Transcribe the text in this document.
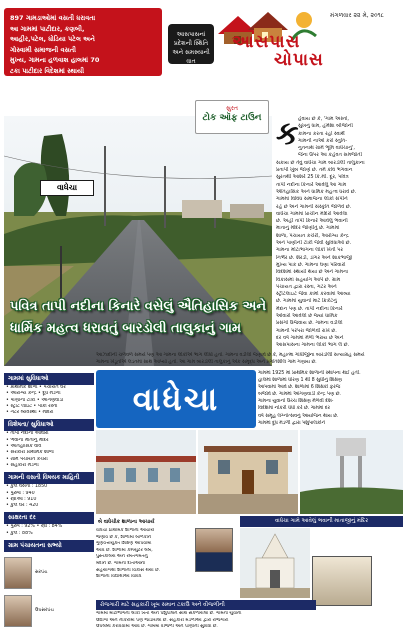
897 ગામડાઓમાં વસતી ધરાવતા
આ ગામમાં પાટીદાર, કણબી,
આહીર,પટેલ, ધોડિયા પટેલ અને
ગોસ્વામી સમાજની વસતી
મુખ્ય, ગામના હળવાશ હાલમાં 70
ટકા પાટીદાર વિદેશમાં સ્થાયી
આસપાસનાં
પ્રદેશની સ્થિતિ
અને સમસ્યાની
વાત
આસપાસ
ચોપાસ
મંગળવાર ૨૨ મે, ૨૦૧૮
સુરત
ટોક ઑફ ટાઉન
વાધેચા
ક હેવાય છે કે, 'ગામ અસ્તો,
સુખનું ધામ, હંમેશા બીજાની
કામના કરતા રહો સ્વાર્થ
ગામની નાઓ કરો સ્તુતિ-
નુતનાથ ગ્રામે ભૂમિ વાધેચાનું',
જેના ઉપર આ કહેવત સમજાતી
સકાય છે તેવું વાધેચા ગામ બારડોલી તાલુકાના
પ્રતાપી ખુંબ જાણે છે. તમે કવિ ભગવાન
સુરતથી આશરે 25 કિ.મી. દૂર, પવિત્ર
તાપી નદીના કિનારે આવેલું આ ગામ
ઐતિહાસિક અને ધાર્મિક મહત્વ ધરાવે છે.
ગામમાં વિવિધ સમાજના લોકો સંપીને
રહે છે અને ગામની સંસ્કૃતિ જાળવે છે.
વાધેચા ગામમાં પ્રાચીન મંદિરો આવેલા
છે. અહીં તાપી કિનારે આવેલું ભવાની
માતાનું મંદિર જાણીતું છે. ગામમાં
શાળા, પંચાયત કચેરી, આરોગ્ય કેન્દ્ર
અને પાણીની ટાંકી જેવી સુવિધાઓ છે.
ગામના મોટાભાગના લોકો ખેતી પર
નિર્ભર છે. શેરડી, ડાંગર અને શાકભાજી
મુખ્ય પાક છે. ગામના ઘણા પરિવારો
વિદેશમાં સ્થાયી થયા છે અને ગામના
વિકાસમાં સહયોગ આપે છે. ગ્રામ
પંચાયત દ્વારા રસ્તા, ગટર અને
સ્ટ્રીટલાઇટ જેવા કામો કરવામાં આવ્યા
છે. ગામમાં યુવાનો માટે ક્રિકેટનું
મેદાન પણ છે. તાપી નદીના કિનારે
ઓવારો આવેલો છે જ્યાં ધાર્મિક
પ્રસંગો ઉજવાય છે. ગામના વડીલો
ગામની પરંપરા જાળવી રાખે છે.
દર વર્ષે ગામમાં મેળો ભરાય છે અને
આસપાસના ગામના લોકો ભાગ લે છે.
પવિત્ર તાપી નદીના કિનારે વસેલું ઐતિહાસિક અને
ધાર્મિક મહત્વ ધરાવતું બારડોલી તાલુકાનું ગામ
આઝાદીની ચળવળ સમયે પણ આ ગામના લોકોએ ભાગ લીધો હતો. ગામના વડીલો જણાવે છે કે, મહાત્મા ગાંધીજીના બારડોલી સત્યાગ્રહ સમયે
ગામના ખેડૂતોએ લડતમાં સાથ આપ્યો હતો. આ ગામ બારડોલી તાલુકાનું એક સમૃદ્ધ અને પ્રગતિશીલ ગામ ગણાય છે.
વાધેચા
ગામમાં 1925 માં પ્રાથમિક શાળાની સ્થાપના થઈ હતી.
હાલમાં શાળામાં ધોરણ 1 થી 8 સુધીનું શિક્ષણ
આપવામાં આવે છે. શાળામાં 6 શિક્ષકો ફરજ
બજાવે છે. ગામમાં આંગણવાડી કેન્દ્ર પણ છે.
ગામના યુવાનો ઉચ્ચ શિક્ષણ મેળવી દેશ-
વિદેશમાં નોકરી ધંધો કરે છે. ગામમાં દર
વર્ષે સમૂહ લગ્નોત્સવનું આયોજન થાય છે.
ગામમાં દૂધ મંડળી દ્વારા પશુપાલકોને
વાધેચા ગામે આવેલું ભવાની માતાજીનું મંદિર
બે વાધેચીક શાળાના આચાર્ય
વાધેચા પ્રાથમિક શાળાના આચાર્ય
જણાવે છે કે, શાળામાં બાળકોને
ગુણવત્તાયુક્ત શિક્ષણ આપવામાં
આવે છે. શાળામાં કમ્પ્યુટર લેબ,
પુસ્તકાલય અને રમતગમતનું
મેદાન છે. ગામના દાતાઓના
સહયોગથી શાળાનો વિકાસ થયો છે.
શાળાના વિદ્યાર્થીઓ વિવિધ
રોજગારી માટે સહકારી ખૂબ સમાન ટકાઉ અને વીજળીની
ગામમાં મોટાભાગના લોકો ખેતી અને પશુપાલન સાથે સંકળાયેલા છે. ગામના યુવાનો
ઉદ્યોગો અને નોકરીમાં પણ જોડાયેલા છે. સહકારી મંડળીઓ દ્વારા રોજગારી
ઉપલબ્ધ કરાવવામાં આવે છે. ગામમાં વીજળી અને પાણીની સુવિધા છે.
ગામમાં સુવિધાઓ
• પ્રાથમિક શાળા • પંચાયત ઘર
• આરોગ્ય કેન્દ્ર • દૂધ મંડળી
• પાણીની ટાંકી • આંગણવાડી
• સ્ટ્રીટ લાઇટ • પાકા રસ્તા
• ગટર વ્યવસ્થા • મંદિરો
વિશેષતા/ સુવિધાઓ
• તાપી નદીનો ઓવારો
• ભવાની માતાનું મંદિર
• ઐતિહાસિક વાવ
• સરકારી પ્રાથમિક શાળા
• ગ્રામ પંચાયત કચેરી
• સહકારી મંડળી
ગામની વસતી વિષયક માહિતી
• કુલ વસતી : 1850
• પુરુષો : 940
• સ્ત્રીઓ : 910
• કુલ ઘર : 420
સાક્ષરતા દર
• પુરુષ : 92% • સ્ત્રી : 84%
• કુલ : 88%
ગ્રામ પંચાયતના સભ્યો
સરપંચ
ઉપસરપંચ
